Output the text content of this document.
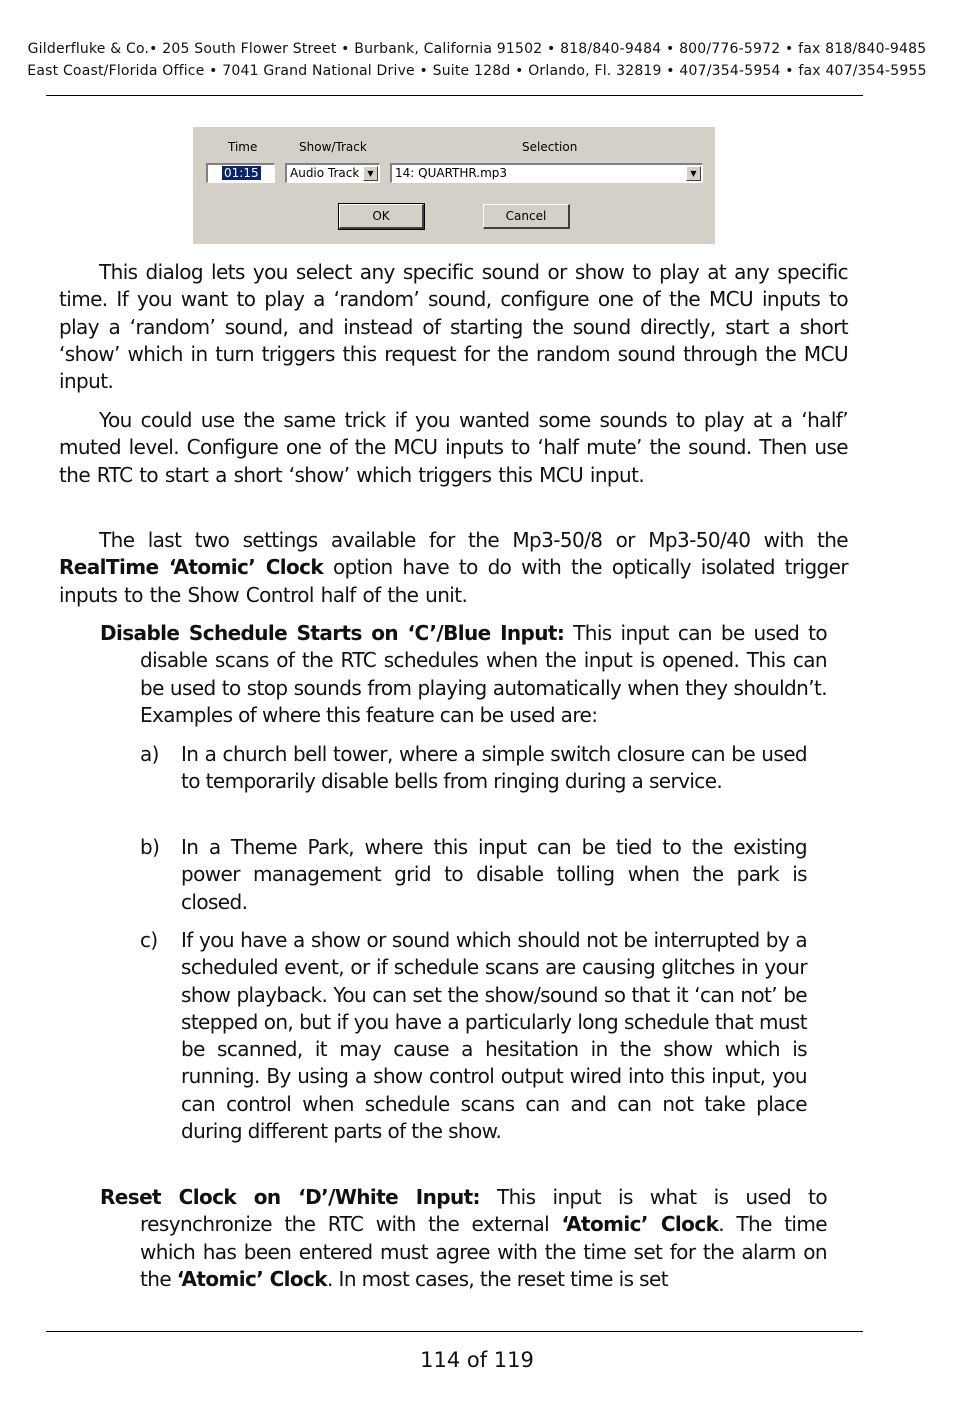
Gilderfluke & Co.• 205 South Flower Street • Burbank, California 91502 • 818/840-9484 • 800/776-5972 • fax 818/840-9485
East Coast/Florida Office • 7041 Grand National Drive • Suite 128d • Orlando, Fl. 32819 • 407/354-5954 • fax 407/354-5955
Time	Show/Track	Selection
01:15	Audio Track	▼	14: QUARTHR.mp3	▼
OK	Cancel
This dialog lets you select any specific sound or show to play at any specific time. If you want to play a ‘random’ sound, configure one of the MCU inputs to play a ‘random’ sound, and instead of starting the sound directly, start a short ‘show’ which in turn triggers this request for the random sound through the MCU input.
You could use the same trick if you wanted some sounds to play at a ‘half’ muted level. Configure one of the MCU inputs to ‘half mute’ the sound. Then use the RTC to start a short ‘show’ which triggers this MCU input.
The last two settings available for the Mp3-50/8 or Mp3-50/40 with the RealTime ‘Atomic’ Clock option have to do with the optically isolated trigger inputs to the Show Control half of the unit.
Disable Schedule Starts on ‘C’/Blue Input: This input can be used to disable scans of the RTC schedules when the input is opened. This can be used to stop sounds from playing automatically when they shouldn’t. Examples of where this feature can be used are:
a) In a church bell tower, where a simple switch closure can be used to temporarily disable bells from ringing during a service.
b) In a Theme Park, where this input can be tied to the existing power management grid to disable tolling when the park is closed.
c) If you have a show or sound which should not be interrupted by a scheduled event, or if schedule scans are causing glitches in your show playback. You can set the show/sound so that it ‘can not’ be stepped on, but if you have a particularly long schedule that must be scanned, it may cause a hesitation in the show which is running. By using a show control output wired into this input, you can control when schedule scans can and can not take place during different parts of the show.
Reset Clock on ‘D’/White Input: This input is what is used to resynchronize the RTC with the external ‘Atomic’ Clock. The time which has been entered must agree with the time set for the alarm on the ‘Atomic’ Clock. In most cases, the reset time is set
114 of 119
